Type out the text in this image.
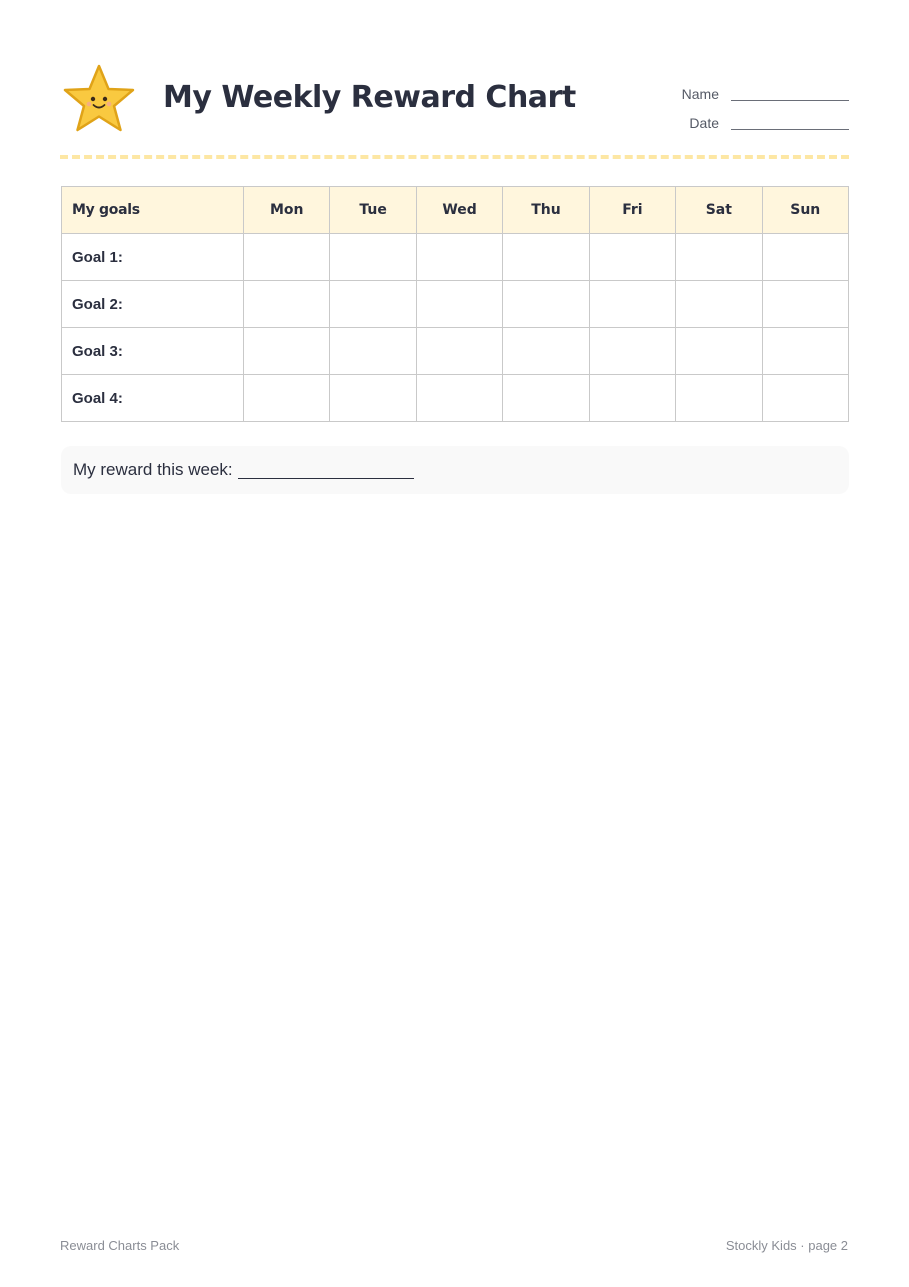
My Weekly Reward Chart	Name
Date
My goals	Mon	Tue	Wed	Thu	Fri	Sat	Sun
Goal 1:							
Goal 2:							
Goal 3:							
Goal 4:							
My reward this week:
Reward Charts Pack	Stockly Kids · page 2
